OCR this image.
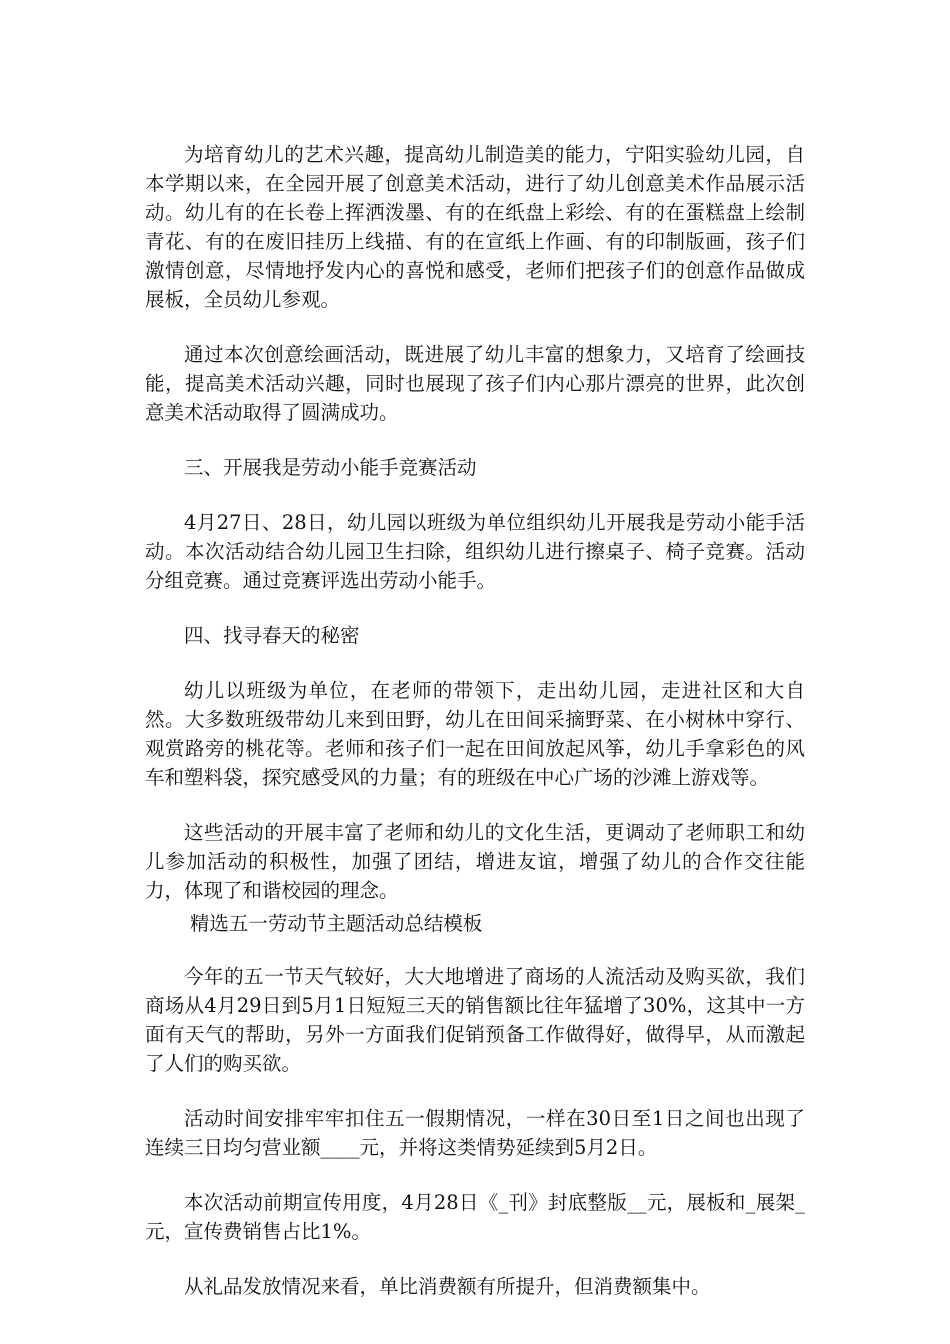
为培育幼儿的艺术兴趣，提高幼儿制造美的能力，宁阳实验幼儿园，自本学期以来，在全园开展了创意美术活动，进行了幼儿创意美术作品展示活动。幼儿有的在长卷上挥洒泼墨、有的在纸盘上彩绘、有的在蛋糕盘上绘制青花、有的在废旧挂历上线描、有的在宣纸上作画、有的印制版画，孩子们激情创意，尽情地抒发内心的喜悦和感受，老师们把孩子们的创意作品做成展板，全员幼儿参观。

通过本次创意绘画活动，既进展了幼儿丰富的想象力，又培育了绘画技能，提高美术活动兴趣，同时也展现了孩子们内心那片漂亮的世界，此次创意美术活动取得了圆满成功。

三、开展我是劳动小能手竞赛活动

4月27日、28日，幼儿园以班级为单位组织幼儿开展我是劳动小能手活动。本次活动结合幼儿园卫生扫除，组织幼儿进行擦桌子、椅子竞赛。活动分组竞赛。通过竞赛评选出劳动小能手。

四、找寻春天的秘密

幼儿以班级为单位，在老师的带领下，走出幼儿园，走进社区和大自然。大多数班级带幼儿来到田野，幼儿在田间采摘野菜、在小树林中穿行、观赏路旁的桃花等。老师和孩子们一起在田间放起风筝，幼儿手拿彩色的风车和塑料袋，探究感受风的力量；有的班级在中心广场的沙滩上游戏等。

这些活动的开展丰富了老师和幼儿的文化生活，更调动了老师职工和幼儿参加活动的积极性，加强了团结，增进友谊，增强了幼儿的合作交往能力，体现了和谐校园的理念。

精选五一劳动节主题活动总结模板

今年的五一节天气较好，大大地增进了商场的人流活动及购买欲，我们商场从4月29日到5月1日短短三天的销售额比往年猛增了30%，这其中一方面有天气的帮助，另外一方面我们促销预备工作做得好，做得早，从而激起了人们的购买欲。

活动时间安排牢牢扣住五一假期情况，一样在30日至1日之间也出现了连续三日均匀营业额____元，并将这类情势延续到5月2日。

本次活动前期宣传用度，4月28日《_刊》封底整版__元，展板和_展架_元，宣传费销售占比1%。

从礼品发放情况来看，单比消费额有所提升，但消费额集中。
